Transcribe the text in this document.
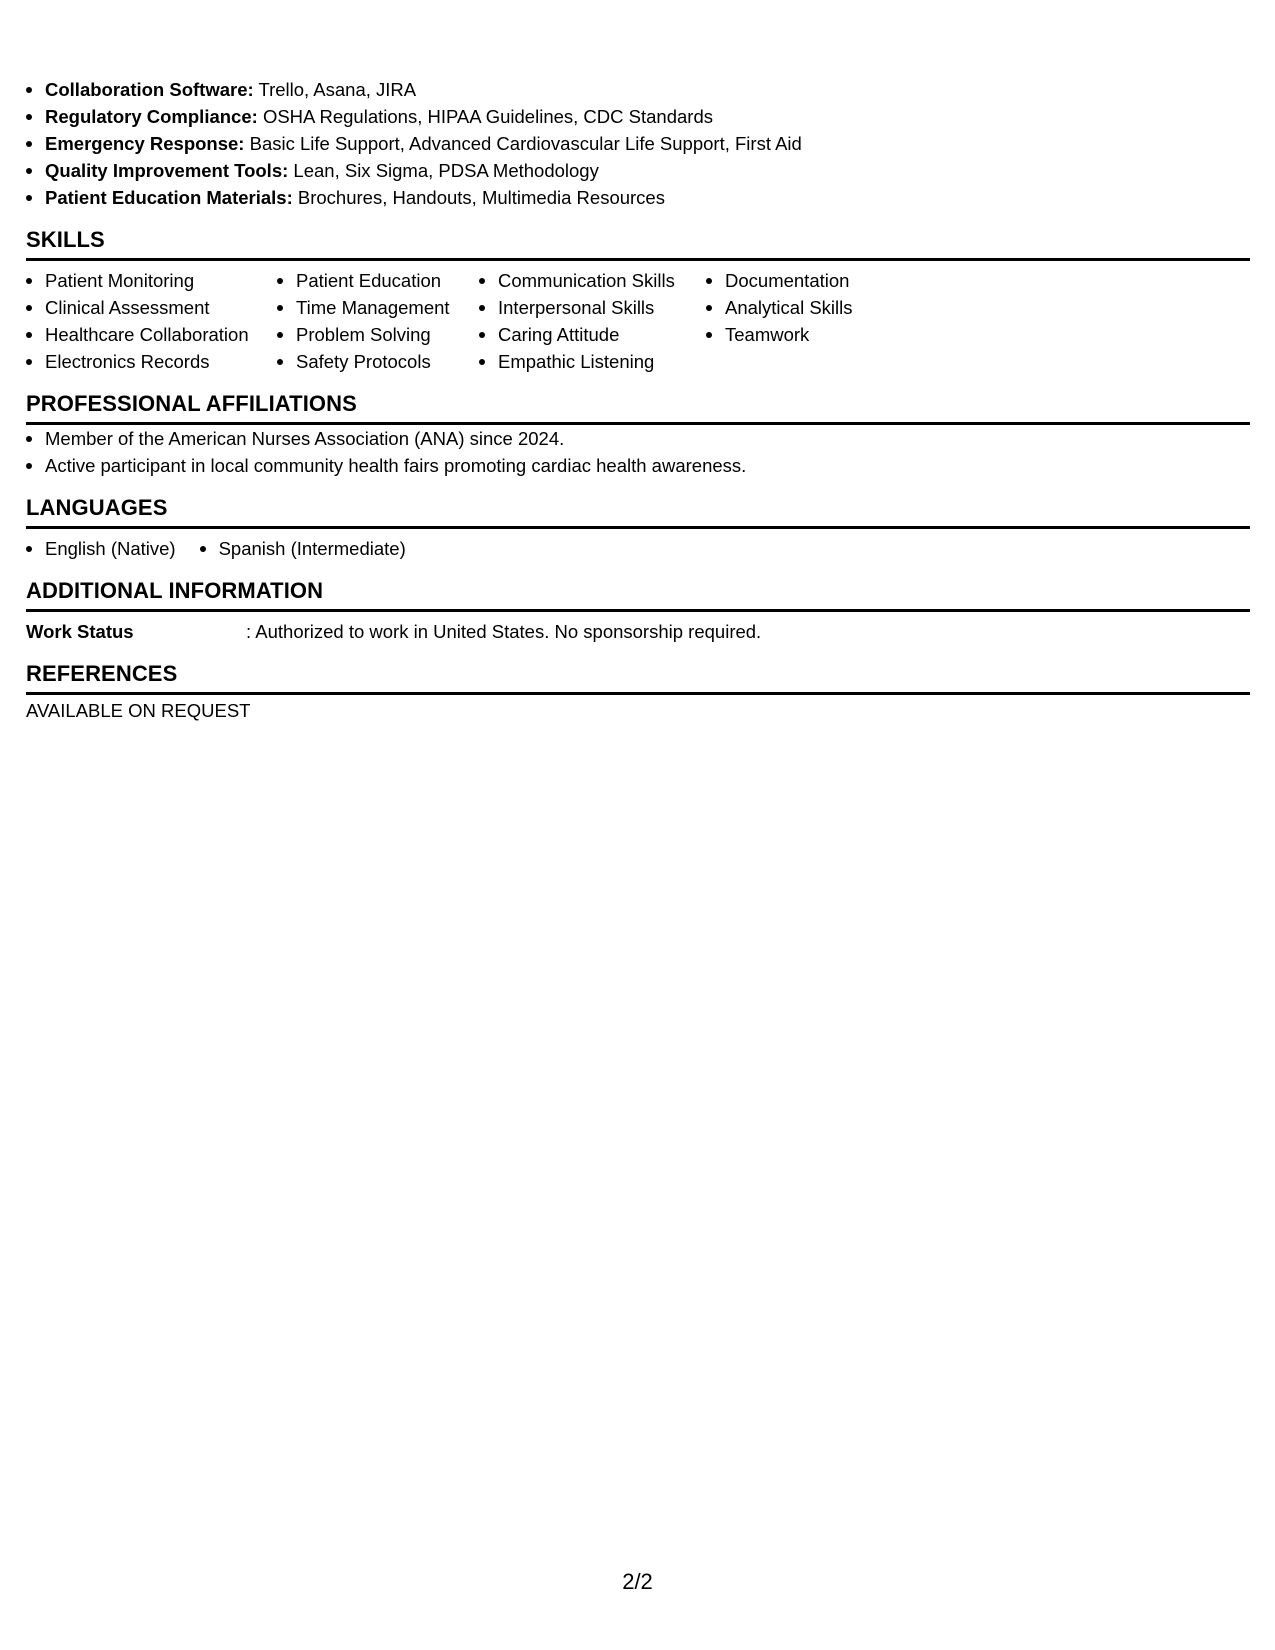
Collaboration Software: Trello, Asana, JIRA
Regulatory Compliance: OSHA Regulations, HIPAA Guidelines, CDC Standards
Emergency Response: Basic Life Support, Advanced Cardiovascular Life Support, First Aid
Quality Improvement Tools: Lean, Six Sigma, PDSA Methodology
Patient Education Materials: Brochures, Handouts, Multimedia Resources
SKILLS
Patient Monitoring
Clinical Assessment
Healthcare Collaboration
Electronics Records
Patient Education
Time Management
Problem Solving
Safety Protocols
Communication Skills
Interpersonal Skills
Caring Attitude
Empathic Listening
Documentation
Analytical Skills
Teamwork
PROFESSIONAL AFFILIATIONS
Member of the American Nurses Association (ANA) since 2024.
Active participant in local community health fairs promoting cardiac health awareness.
LANGUAGES
English (Native)	Spanish (Intermediate)
ADDITIONAL INFORMATION
Work Status	: Authorized to work in United States. No sponsorship required.
REFERENCES
AVAILABLE ON REQUEST
2/2
